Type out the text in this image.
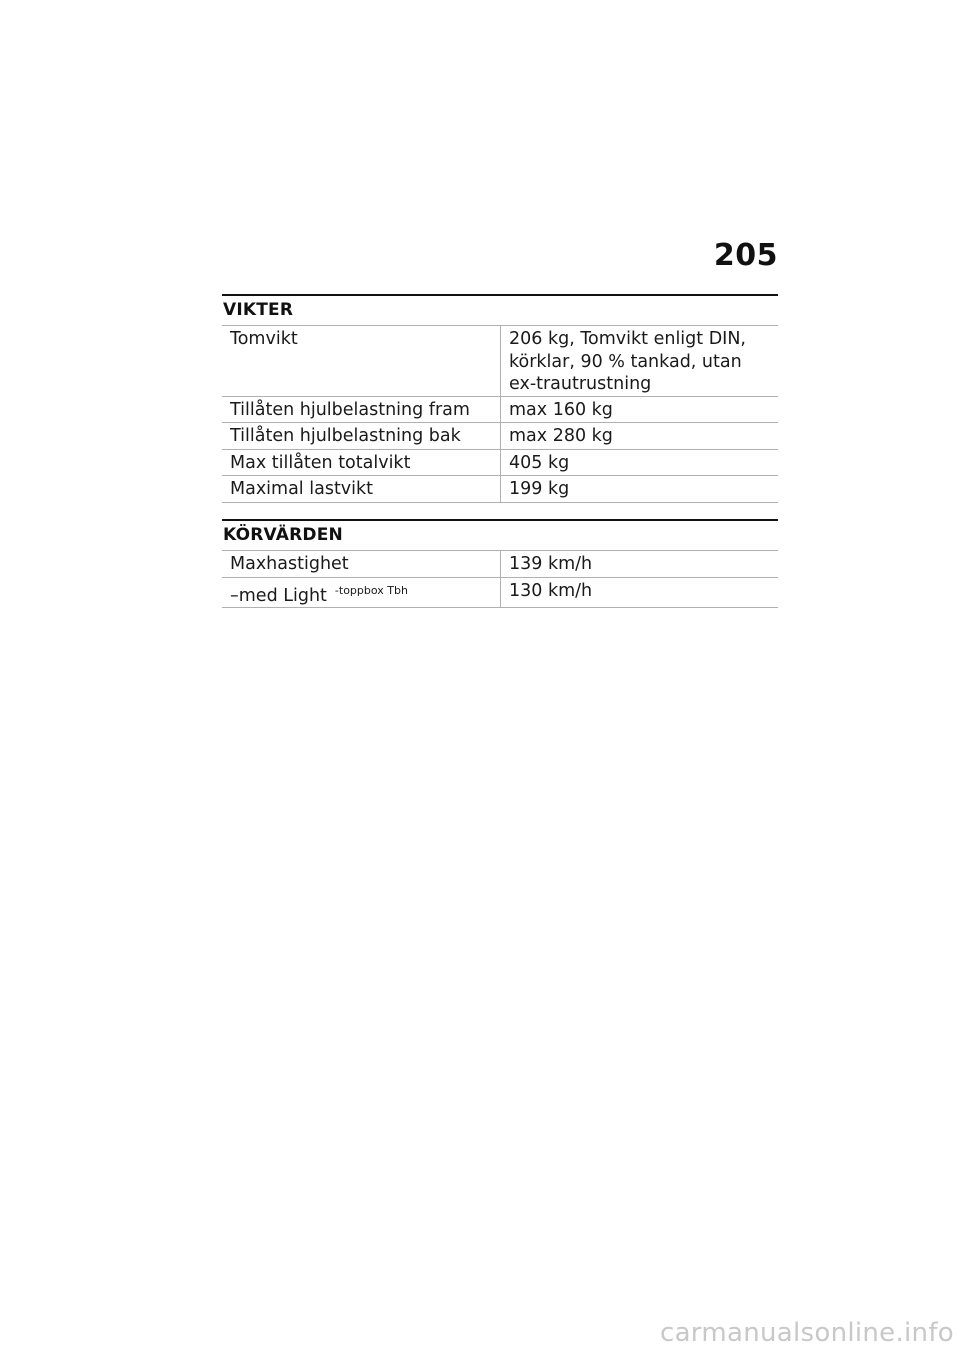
205
VIKTER
Tomvikt	206 kg, Tomvikt enligt DIN, körklar, 90 % tankad, utan ex-trautrustning
Tillåten hjulbelastning fram	max 160 kg
Tillåten hjulbelastning bak	max 280 kg
Max tillåten totalvikt	405 kg
Maximal lastvikt	199 kg
KÖRVÄRDEN
Maxhastighet	139 km/h
–med Light $^{-toppbox Tbh}$	130 km/h
carmanualsonline.info
